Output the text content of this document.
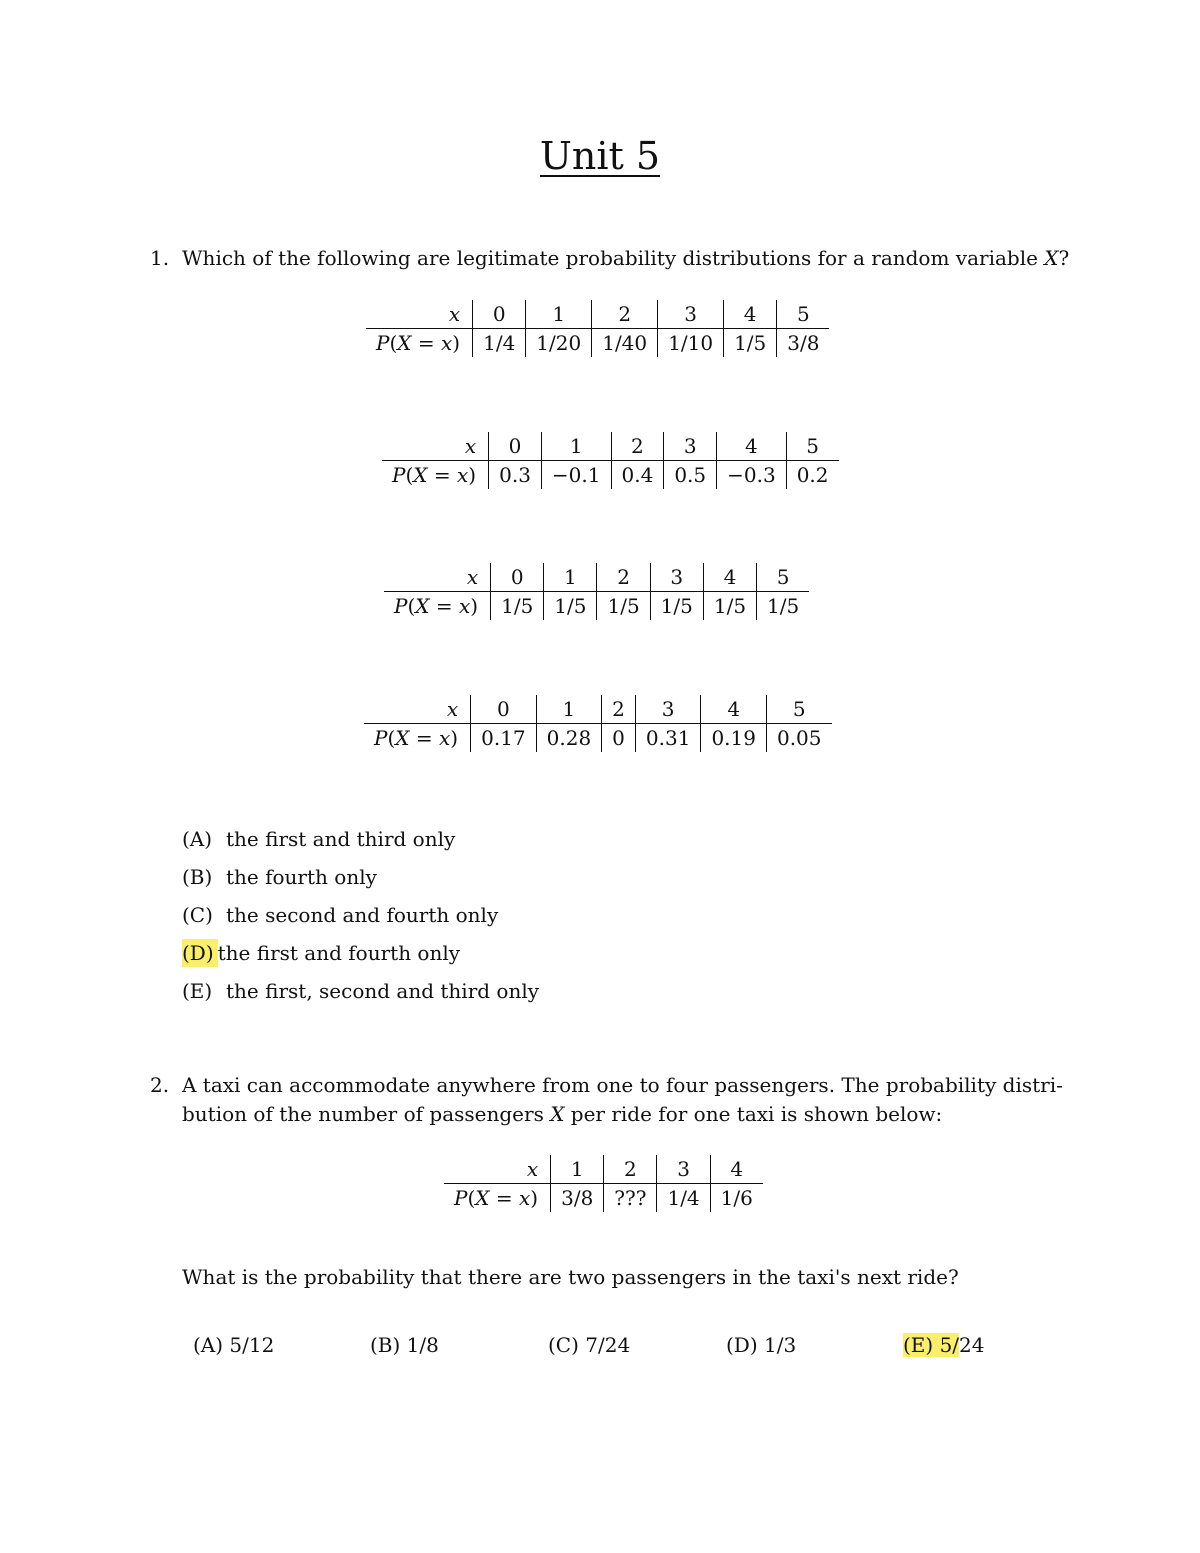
Unit 5
1. Which of the following are legitimate probability distributions for a random variable X?
x	0	1	2	3	4	5
P(X = x)	1/4	1/20	1/40	1/10	1/5	3/8
x	0	1	2	3	4	5
P(X = x)	0.3	−0.1	0.4	0.5	−0.3	0.2
x	0	1	2	3	4	5
P(X = x)	1/5	1/5	1/5	1/5	1/5	1/5
x	0	1	2	3	4	5
P(X = x)	0.17	0.28	0	0.31	0.19	0.05
(A) the first and third only
(B) the fourth only
(C) the second and fourth only
(D) the first and fourth only
(E) the first, second and third only
2. A taxi can accommodate anywhere from one to four passengers. The probability distri-
bution of the number of passengers X per ride for one taxi is shown below:
x	1	2	3	4
P(X = x)	3/8	???	1/4	1/6
What is the probability that there are two passengers in the taxi's next ride?
(A) 5/12	(B) 1/8	(C) 7/24	(D) 1/3	(E) 5/24
